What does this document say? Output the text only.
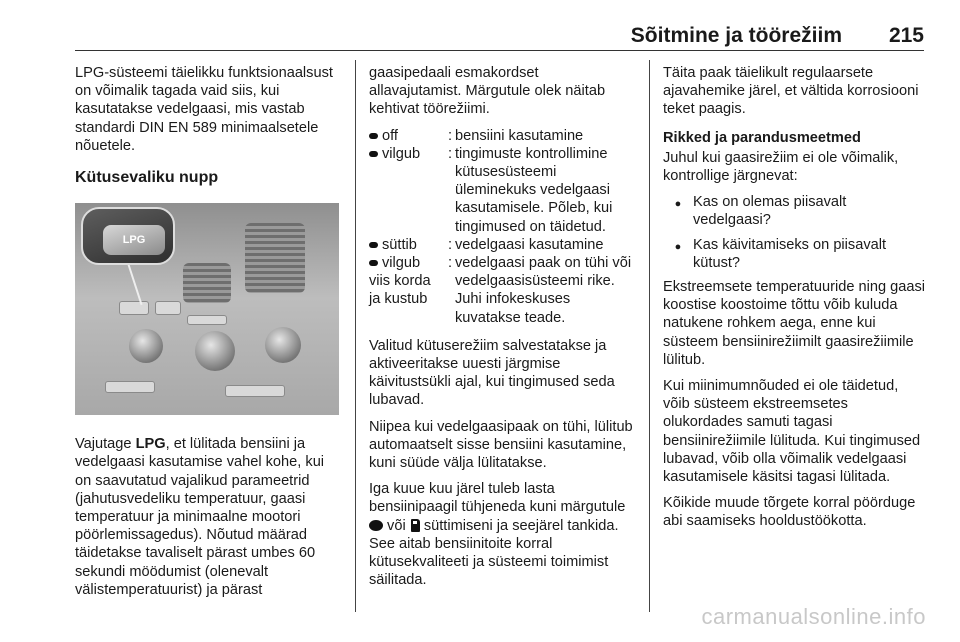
Sõitmine ja töörežiim 215

LPG-süsteemi täielikku funktsionaalsust on võimalik tagada vaid siis, kui kasutatakse vedelgaasi, mis vastab standardi DIN EN 589 minimaalsetele nõuetele.

Kütusevaliku nupp
LPG

Vajutage LPG, et lülitada bensiini ja vedelgaasi kasutamise vahel kohe, kui on saavutatud vajalikud parameetrid (jahutusvedeliku temperatuur, gaasi temperatuur ja minimaalne mootori pöörlemissagedus). Nõutud määrad täidetakse tavaliselt pärast umbes 60 sekundi möödumist (olenevalt välistemperatuurist) ja pärast

gaasipedaali esmakordset allavajutamist. Märgutule olek näitab kehtivat töörežiimi.

off	: bensiini kasutamine
vilgub	: tingimuste kontrollimine kütusesüsteemi üleminekuks vedelgaasi kasutamisele. Põleb, kui tingimused on täidetud.
süttib	: vedelgaasi kasutamine
vilgub
viis korda ja kustub
: vedelgaasi paak on tühi või vedelgaasisüsteemi rike. Juhi infokeskuses kuvatakse teade.

Valitud kütuserežiim salvestatakse ja aktiveeritakse uuesti järgmise käivitustsükli ajal, kui tingimused seda lubavad.

Niipea kui vedelgaasipaak on tühi, lülitub automaatselt sisse bensiini kasutamine, kuni süüde välja lülitatakse.

Iga kuue kuu järel tuleb lasta bensiinipaagil tühjeneda kuni märgutule  või  süttimiseni ja seejärel tankida. See aitab bensiinitoite korral kütusekvaliteeti ja süsteemi toimimist säilitada.

Täita paak täielikult regulaarsete ajavahemike järel, et vältida korrosiooni teket paagis.

Rikked ja parandusmeetmed

Juhul kui gaasirežiim ei ole võimalik, kontrollige järgnevat:

● Kas on olemas piisavalt vedelgaasi?
● Kas käivitamiseks on piisavalt kütust?

Ekstreemsete temperatuuride ning gaasi koostise koostoime tõttu võib kuluda natukene rohkem aega, enne kui süsteem bensiinirežiimilt gaasirežiimile lülitub.

Kui miinimumnõuded ei ole täidetud, võib süsteem ekstreemsetes olukordades samuti tagasi bensiinirežiimile lülituda. Kui tingimused lubavad, võib olla võimalik vedelgaasi kasutamisele käsitsi tagasi lülitada.

Kõikide muude tõrgete korral pöörduge abi saamiseks hooldustöökotta.

carmanualsonline.info
